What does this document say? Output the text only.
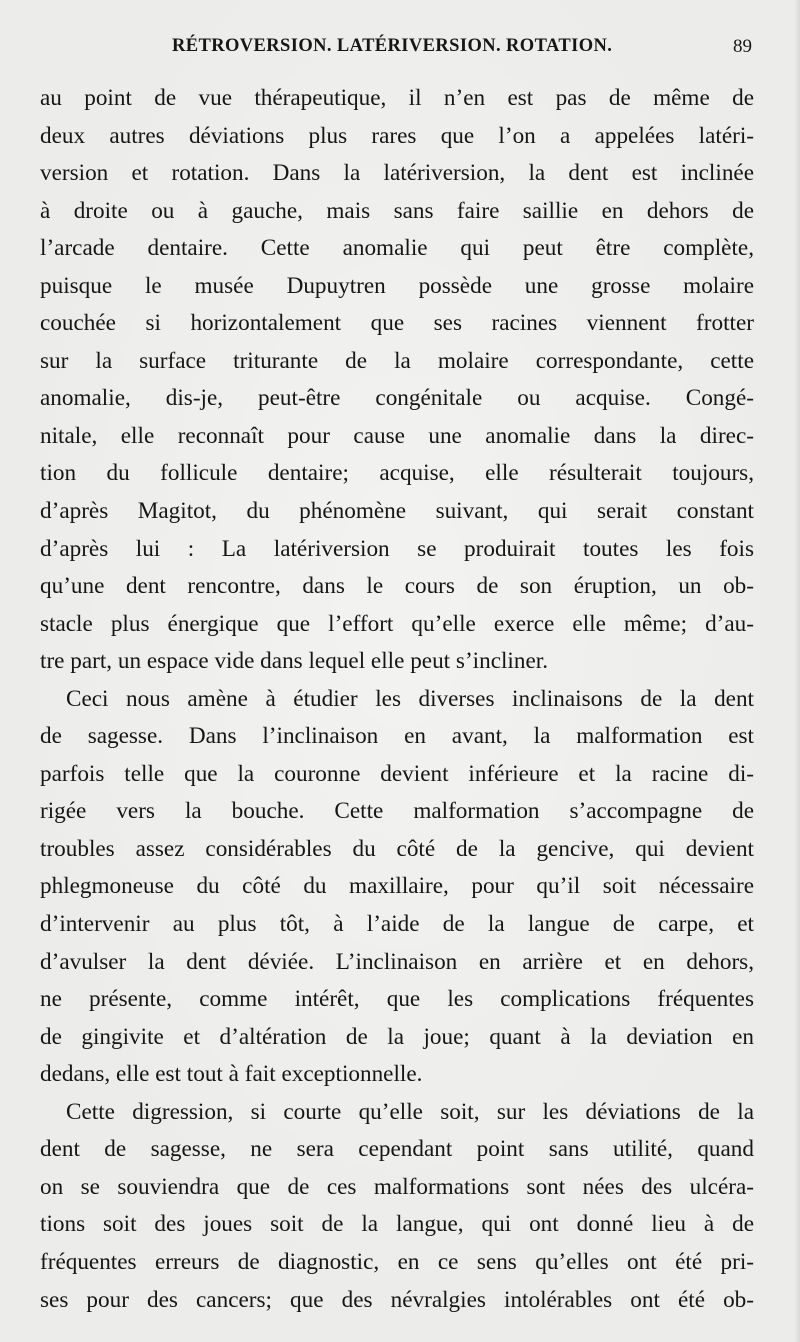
RÉTROVERSION. LATÉRIVERSION. ROTATION.	89

au point de vue thérapeutique, il n’en est pas de même de
deux autres déviations plus rares que l’on a appelées latéri-
version et rotation. Dans la latériversion, la dent est inclinée
à droite ou à gauche, mais sans faire saillie en dehors de
l’arcade dentaire. Cette anomalie qui peut être complète,
puisque le musée Dupuytren possède une grosse molaire
couchée si horizontalement que ses racines viennent frotter
sur la surface triturante de la molaire correspondante, cette
anomalie, dis-je, peut-être congénitale ou acquise. Congé-
nitale, elle reconnaît pour cause une anomalie dans la direc-
tion du follicule dentaire; acquise, elle résulterait toujours,
d’après Magitot, du phénomène suivant, qui serait constant
d’après lui : La latériversion se produirait toutes les fois
qu’une dent rencontre, dans le cours de son éruption, un ob-
stacle plus énergique que l’effort qu’elle exerce elle même; d’au-
tre part, un espace vide dans lequel elle peut s’incliner.

Ceci nous amène à étudier les diverses inclinaisons de la dent
de sagesse. Dans l’inclinaison en avant, la malformation est
parfois telle que la couronne devient inférieure et la racine di-
rigée vers la bouche. Cette malformation s’accompagne de
troubles assez considérables du côté de la gencive, qui devient
phlegmoneuse du côté du maxillaire, pour qu’il soit nécessaire
d’intervenir au plus tôt, à l’aide de la langue de carpe, et
d’avulser la dent déviée. L’inclinaison en arrière et en dehors,
ne présente, comme intérêt, que les complications fréquentes
de gingivite et d’altération de la joue; quant à la deviation en
dedans, elle est tout à fait exceptionnelle.

Cette digression, si courte qu’elle soit, sur les déviations de la
dent de sagesse, ne sera cependant point sans utilité, quand
on se souviendra que de ces malformations sont nées des ulcéra-
tions soit des joues soit de la langue, qui ont donné lieu à de
fréquentes erreurs de diagnostic, en ce sens qu’elles ont été pri-
ses pour des cancers; que des névralgies intolérables ont été ob-
